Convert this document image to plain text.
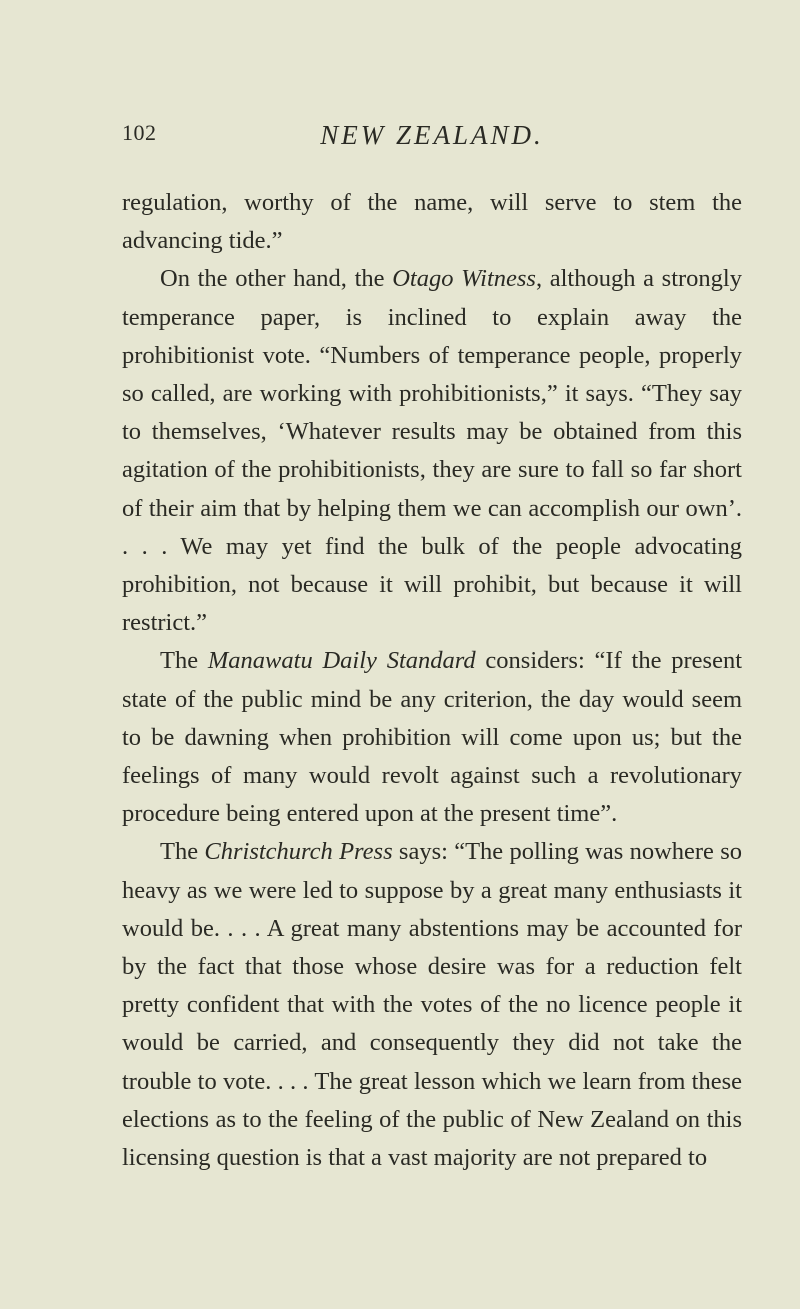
102	NEW ZEALAND.

regulation, worthy of the name, will serve to stem the advancing tide.”

On the other hand, the Otago Witness, although a strongly temperance paper, is inclined to explain away the prohibitionist vote. “Numbers of temperance people, properly so called, are working with prohibitionists,” it says. “They say to themselves, ‘Whatever results may be obtained from this agitation of the prohibitionists, they are sure to fall so far short of their aim that by helping them we can accomplish our own’. . . . We may yet find the bulk of the people advocating prohibition, not because it will prohibit, but because it will restrict.”

The Manawatu Daily Standard considers: “If the present state of the public mind be any criterion, the day would seem to be dawning when prohibition will come upon us; but the feelings of many would revolt against such a revolutionary procedure being entered upon at the present time”.

The Christchurch Press says: “The polling was nowhere so heavy as we were led to suppose by a great many enthusiasts it would be. . . . A great many abstentions may be accounted for by the fact that those whose desire was for a reduction felt pretty confident that with the votes of the no licence people it would be carried, and consequently they did not take the trouble to vote. . . . The great lesson which we learn from these elections as to the feeling of the public of New Zealand on this licensing question is that a vast majority are not prepared to
